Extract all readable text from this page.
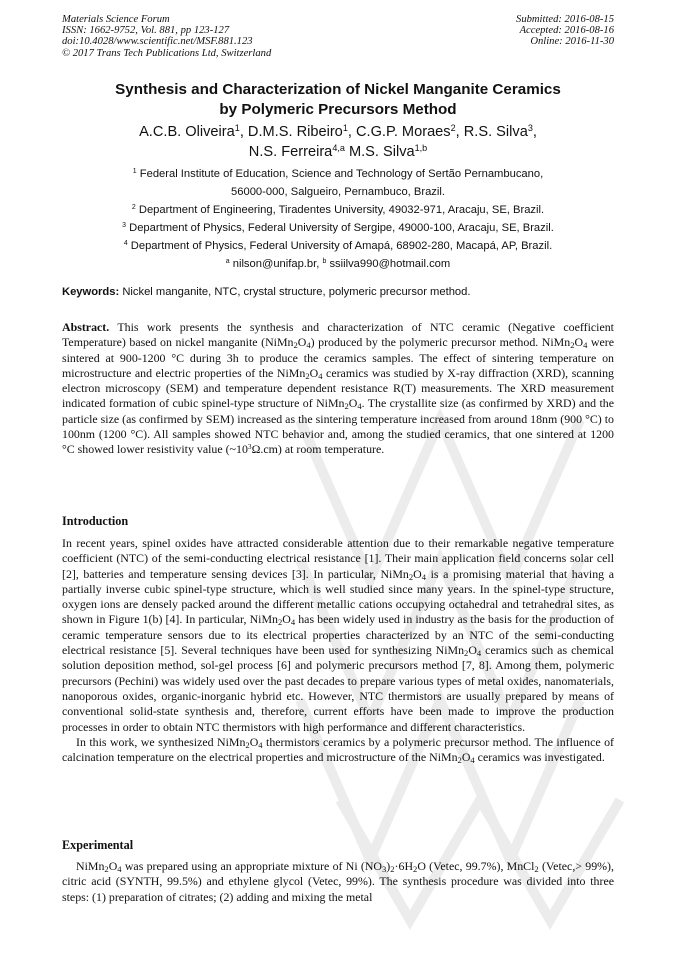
Materials Science Forum
ISSN: 1662-9752, Vol. 881, pp 123-127
doi:10.4028/www.scientific.net/MSF.881.123
© 2017 Trans Tech Publications Ltd, Switzerland
Submitted: 2016-08-15
Accepted: 2016-08-16
Online: 2016-11-30
Synthesis and Characterization of Nickel Manganite Ceramics
by Polymeric Precursors Method
A.C.B. Oliveira$^1$, D.M.S. Ribeiro$^1$, C.G.P. Moraes$^2$, R.S. Silva$^3$,
N.S. Ferreira$^{4,a}$ M.S. Silva$^{1,b}$
$^1$ Federal Institute of Education, Science and Technology of Sertão Pernambucano,
56000-000, Salgueiro, Pernambuco, Brazil.
$^2$ Department of Engineering, Tiradentes University, 49032-971, Aracaju, SE, Brazil.
$^3$ Department of Physics, Federal University of Sergipe, 49000-100, Aracaju, SE, Brazil.
$^4$ Department of Physics, Federal University of Amapá, 68902-280, Macapá, AP, Brazil.
$^a$ nilson@unifap.br, $^b$ ssiilva990@hotmail.com
Keywords: Nickel manganite, NTC, crystal structure, polymeric precursor method.
Abstract. This work presents the synthesis and characterization of NTC ceramic (Negative coefficient Temperature) based on nickel manganite $(NiMn_2O_4)$ produced by the polymeric precursor method. $NiMn_2O_4$ were sintered at 900-1200 °C during 3h to produce the ceramics samples. The effect of sintering temperature on microstructure and electric properties of the $NiMn_2O_4$ ceramics was studied by X-ray diffraction (XRD), scanning electron microscopy (SEM) and temperature dependent resistance R(T) measurements. The XRD measurement indicated formation of cubic spinel-type structure of $NiMn_2O_4$. The crystallite size (as confirmed by XRD) and the particle size (as confirmed by SEM) increased as the sintering temperature increased from around 18nm (900 °C) to 100nm (1200 °C). All samples showed NTC behavior and, among the studied ceramics, that one sintered at 1200 °C showed lower resistivity value $(\sim 10^3\Omega.cm)$ at room temperature.
Introduction

In recent years, spinel oxides have attracted considerable attention due to their remarkable negative temperature coefficient (NTC) of the semi-conducting electrical resistance [1]. Their main application field concerns solar cell [2], batteries and temperature sensing devices [3]. In particular, $NiMn_2O_4$ is a promising material that having a partially inverse cubic spinel-type structure, which is well studied since many years. In the spinel-type structure, oxygen ions are densely packed around the different metallic cations occupying octahedral and tetrahedral sites, as shown in Figure 1(b) [4]. In particular, $NiMn_2O_4$ has been widely used in industry as the basis for the production of ceramic temperature sensors due to its electrical properties characterized by an NTC of the semi-conducting electrical resistance [5]. Several techniques have been used for synthesizing $NiMn_2O_4$ ceramics such as chemical solution deposition method, sol-gel process [6] and polymeric precursors method [7, 8]. Among them, polymeric precursors (Pechini) was widely used over the past decades to prepare various types of metal oxides, nanomaterials, nanoporous oxides, organic-inorganic hybrid etc. However, NTC thermistors are usually prepared by means of conventional solid-state synthesis and, therefore, current efforts have been made to improve the production processes in order to obtain NTC thermistors with high performance and different characteristics.

In this work, we synthesized $NiMn_2O_4$ thermistors ceramics by a polymeric precursor method. The influence of calcination temperature on the electrical properties and microstructure of the $NiMn_2O_4$ ceramics was investigated.

Experimental
$NiMn_2O_4$ was prepared using an appropriate mixture of Ni $(NO_3)_2\cdot 6H_2O$ (Vetec, 99.7%), MnCl$_2$ (Vetec,> 99%), citric acid (SYNTH, 99.5%) and ethylene glycol (Vetec, 99%). The synthesis procedure was divided into three steps: (1) preparation of citrates; (2) adding and mixing the metal
